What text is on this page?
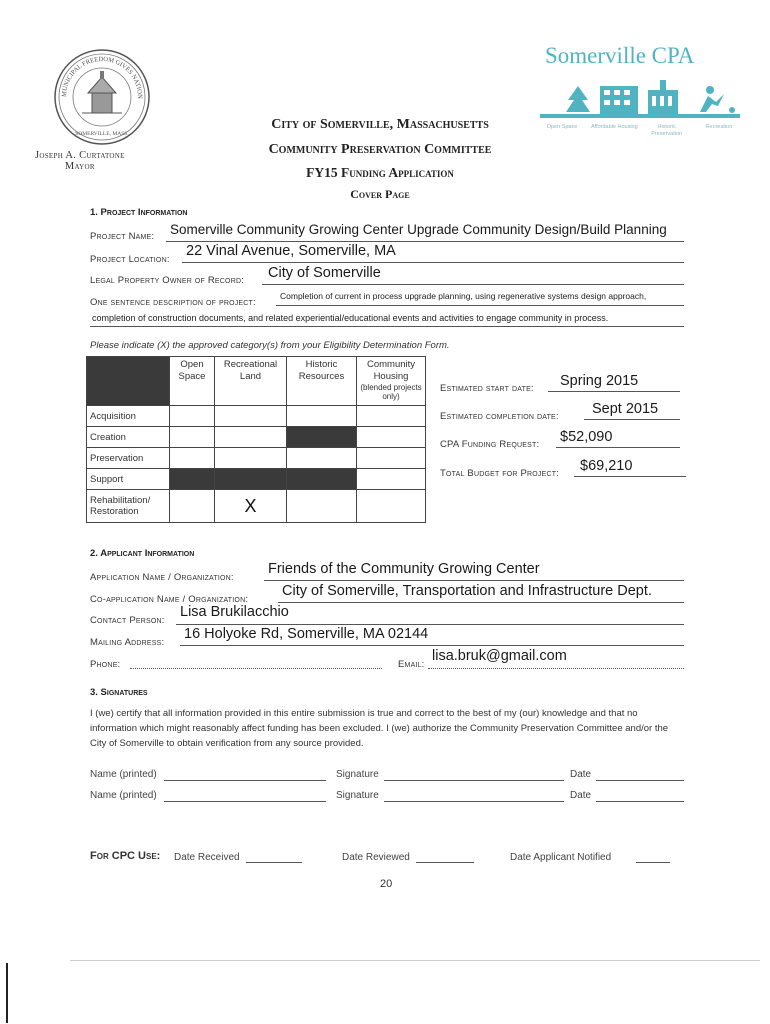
MUNICIPAL FREEDOM GIVES NATION
SOMERVILLE, MASS.
Joseph A. Curtatone
Mayor
Somerville CPA
Open Space	Affordable Housing	Historic Preservation
Recreation
City of Somerville, Massachusetts
Community Preservation Committee
FY15 Funding Application
Cover Page
1. Project Information
Project Name: Somerville Community Growing Center Upgrade Community Design/Build Planning
Project Location:
22 Vinal Avenue, Somerville, MA
Legal Property Owner of Record: City of Somerville
One sentence description of project:
Completion of current in process upgrade planning, using regenerative systems design approach,
completion of construction documents, and related experiential/educational events and activities to engage community in process.
Please indicate (X) the approved category(s) from your Eligibility Determination Form.
	Open Space	Recreational Land	Historic Resources	Community Housing
(blended projects only)

Acquisition				
Creation				
Preservation				
Support				
Rehabilitation/ Restoration		X		
Estimated start date: Spring 2015
Estimated completion date: Sept 2015
CPA Funding Request: $52,090
Total Budget for Project: $69,210
2. Applicant Information
Application Name / Organization:
Friends of the Community Growing Center
Co-application Name / Organization:
City of Somerville, Transportation and Infrastructure Dept.
Contact Person:
Lisa Brukilacchio
Mailing Address:
16 Holyoke Rd, Somerville, MA 02144
Phone:	Email:
lisa.bruk@gmail.com
3. Signatures
I (we) certify that all information provided in this entire submission is true and correct to the best of my (our) knowledge and that no information which might reasonably affect funding has been excluded. I (we) authorize the Community Preservation Committee and/or the City of Somerville to obtain verification from any source provided.
Name (printed)	Signature	Date
Name (printed)	Signature	Date
For CPC Use: Date Received	Date Reviewed	Date Applicant Notified
20
